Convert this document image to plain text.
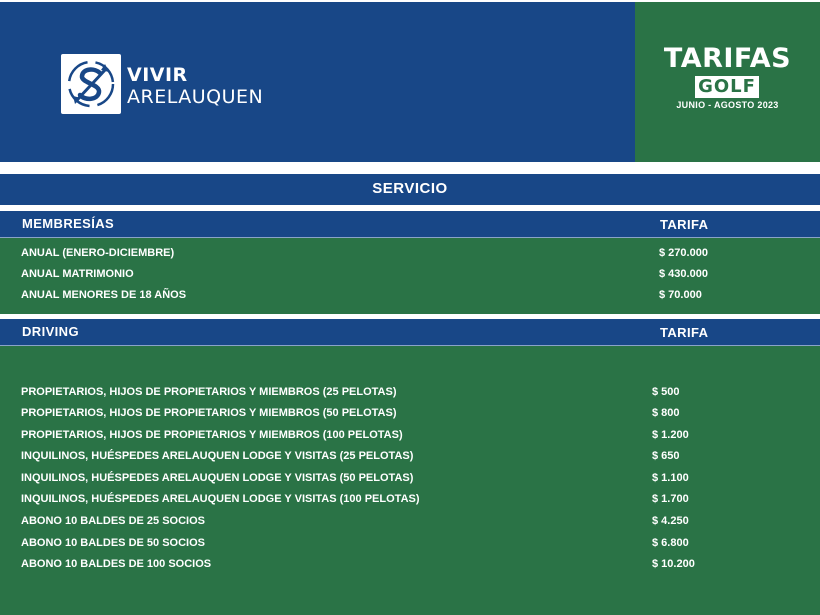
VIVIR
ARELAUQUEN
TARIFAS
GOLF
JUNIO - AGOSTO 2023
SERVICIO
MEMBRESÍAS	TARIFA
ANUAL (ENERO-DICIEMBRE)	$ 270.000
ANUAL MATRIMONIO	$ 430.000
ANUAL MENORES DE 18 AÑOS	$ 70.000
DRIVING	TARIFA
PROPIETARIOS, HIJOS DE PROPIETARIOS Y MIEMBROS (25 PELOTAS)	$ 500
PROPIETARIOS, HIJOS DE PROPIETARIOS Y MIEMBROS (50 PELOTAS)	$ 800
PROPIETARIOS, HIJOS DE PROPIETARIOS Y MIEMBROS (100 PELOTAS)	$ 1.200
INQUILINOS, HUÉSPEDES ARELAUQUEN LODGE Y VISITAS (25 PELOTAS)	$ 650
INQUILINOS, HUÉSPEDES ARELAUQUEN LODGE Y VISITAS (50 PELOTAS)	$ 1.100
INQUILINOS, HUÉSPEDES ARELAUQUEN LODGE Y VISITAS (100 PELOTAS)	$ 1.700
ABONO 10 BALDES DE 25 SOCIOS	$ 4.250
ABONO 10 BALDES DE 50 SOCIOS	$ 6.800
ABONO 10 BALDES DE 100 SOCIOS	$ 10.200
